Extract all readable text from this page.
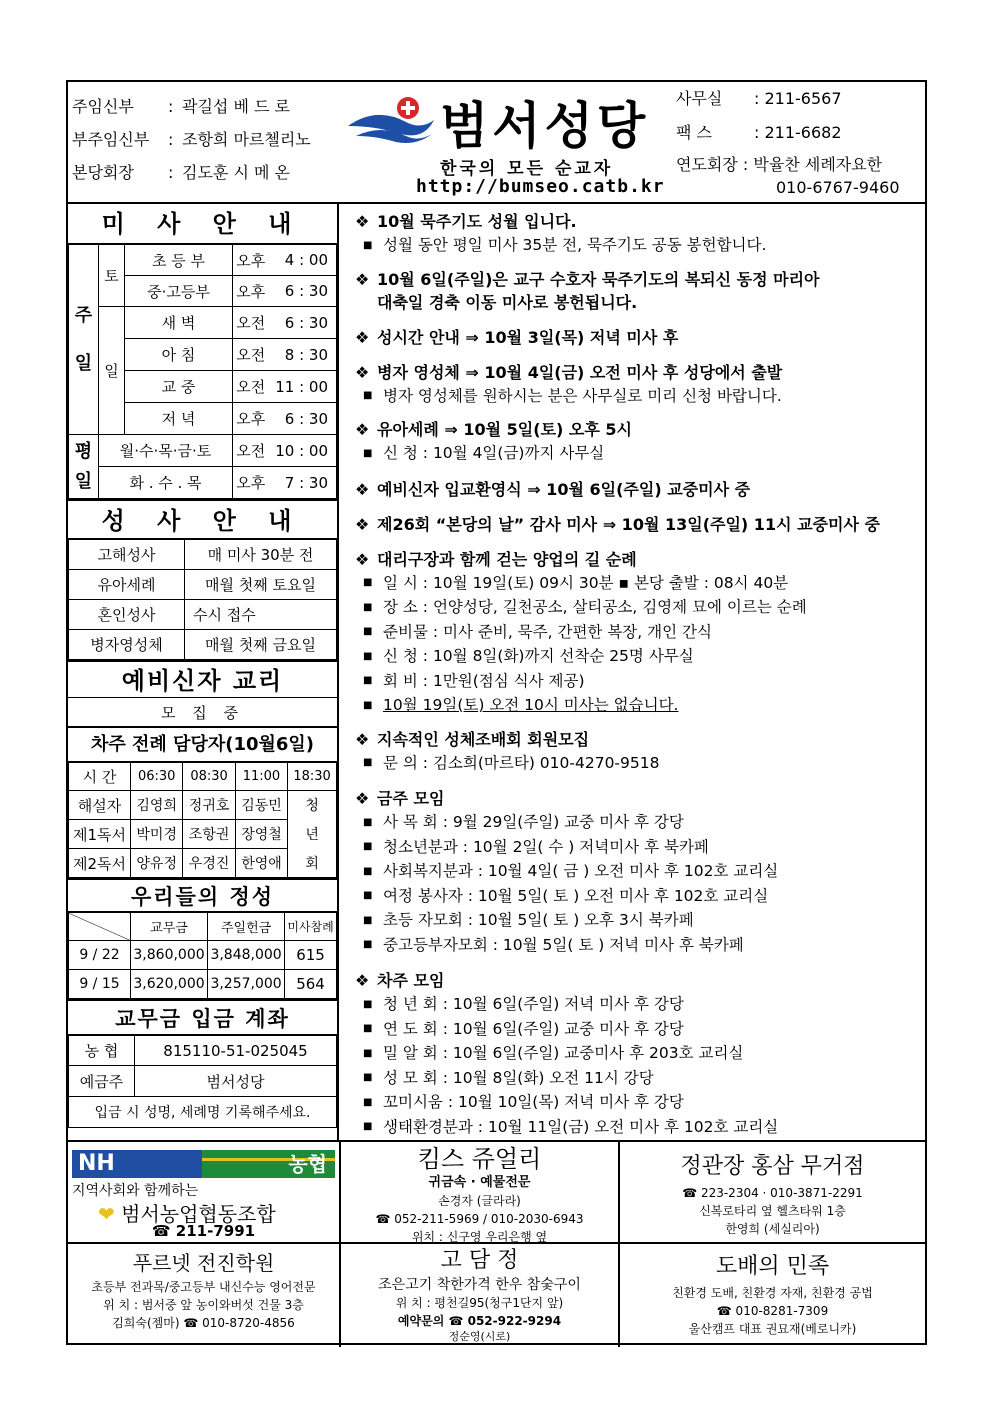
주임신부 : 곽길섭 베 드 로
부주임신부 : 조항희 마르첼리노
본당회장 : 김도훈 시 메 온
범서성당
한국의 모든 순교자
http://bumseo.catb.kr
사무실 : 211-6567
팩 스	: 211-6682
연도회장 : 박율찬 세례자요한
010-6767-9460
미 사 안 내
주일	토	초 등 부	오후	4 : 00
		중·고등부	오후	6 : 30
	일	새 벽	오전	6 : 30
		아 침	오전	8 : 30
		교 중	오전	11 : 00
		저 녁	오후	6 : 30
평일	월·수·목·금·토		오전	10 : 00
	화 . 수 . 목		오후	7 : 30
성 사 안 내
고해성사	매 미사 30분 전
유아세례	매월 첫째 토요일
혼인성사	수시 접수
병자영성체	매월 첫째 금요일
예비신자 교리
모 집 중
차주 전례 담당자(10월6일)
시 간	06:30	08:30	11:00	18:30
해설자	김영희	정귀호	김동민	청
제1독서	박미경	조항권	장영철	년
제2독서	양유정	우경진	한영애	회
우리들의 정성
	교무금	주일헌금	미사참례
9 / 22	3,860,000	3,848,000	615
9 / 15	3,620,000	3,257,000	564
교무금 입금 계좌
농 협	815110-51-025045
예금주	범서성당
입금 시 성명, 세례명 기록해주세요.	
❖ 10월 묵주기도 성월 입니다.
■ 성월 동안 평일 미사 35분 전, 묵주기도 공동 봉헌합니다.
❖ 10월 6일(주일)은 교구 수호자 묵주기도의 복되신 동정 마리아
대축일 경축 이동 미사로 봉헌됩니다.
❖ 성시간 안내 ⇒ 10월 3일(목) 저녁 미사 후
❖ 병자 영성체 ⇒ 10월 4일(금) 오전 미사 후 성당에서 출발
■ 병자 영성체를 원하시는 분은 사무실로 미리 신청 바랍니다.
❖ 유아세례 ⇒ 10월 5일(토) 오후 5시
■ 신 청 : 10월 4일(금)까지 사무실
❖ 예비신자 입교환영식 ⇒ 10월 6일(주일) 교중미사 중
❖ 제26회 “본당의 날” 감사 미사 ⇒ 10월 13일(주일) 11시 교중미사 중
❖ 대리구장과 함께 걷는 양업의 길 순례
■ 일 시 : 10월 19일(토) 09시 30분 ▪ 본당 출발 : 08시 40분
■ 장 소 : 언양성당, 길천공소, 살티공소, 김영제 묘에 이르는 순례
■ 준비물 : 미사 준비, 묵주, 간편한 복장, 개인 간식
■ 신 청 : 10월 8일(화)까지 선착순 25명 사무실
■ 회 비 : 1만원(점심 식사 제공)
■ 10월 19일(토) 오전 10시 미사는 없습니다.
❖ 지속적인 성체조배회 회원모집
■ 문 의 : 김소희(마르타) 010-4270-9518
❖ 금주 모임
■ 사 목 회 : 9월 29일(주일) 교중 미사 후 강당
■ 청소년분과 : 10월 2일( 수 ) 저녁미사 후 북카페
■ 사회복지분과 : 10월 4일( 금 ) 오전 미사 후 102호 교리실
■ 여정 봉사자 : 10월 5일( 토 ) 오전 미사 후 102호 교리실
■ 초등 자모회 : 10월 5일( 토 ) 오후 3시 북카페
■ 중고등부자모회 : 10월 5일( 토 ) 저녁 미사 후 북카페
❖ 차주 모임
■ 청 년 회 : 10월 6일(주일) 저녁 미사 후 강당
■ 연 도 회 : 10월 6일(주일) 교중 미사 후 강당
■ 밀 알 회 : 10월 6일(주일) 교중미사 후 203호 교리실
■ 성 모 회 : 10월 8일(화) 오전 11시 강당
■ 꼬미시움 : 10월 10일(목) 저녁 미사 후 강당
■ 생태환경분과 : 10월 11일(금) 오전 미사 후 102호 교리실
NH	농협
지역사회와 함께하는
❤ 범서농업협동조합
☎ 211-7991
킴스 쥬얼리
귀금속 · 예물전문
손경자 (글라라)
☎ 052-211-5969 / 010-2030-6943
위치 : 신구영 우리은행 옆
정관장 홍삼 무거점
☎ 223-2304 · 010-3871-2291
신복로타리 옆 헬츠타워 1층
한영희 (세실리아)
푸르넷 전진학원
초등부 전과목/중고등부 내신수능 영어전문
위 치 : 범서중 앞 농이와버섯 건물 3층
김희숙(젬마) ☎ 010-8720-4856
고 담 정
조은고기 착한가격 한우 참숯구이
위 치 : 평천길95(청구1단지 앞)
예약문의 ☎ 052-922-9294
정순영(시로)
도배의 민족
친환경 도배, 친환경 자재, 친환경 공법
☎ 010-8281-7309
울산캠프 대표 권묘재(베로니카)
